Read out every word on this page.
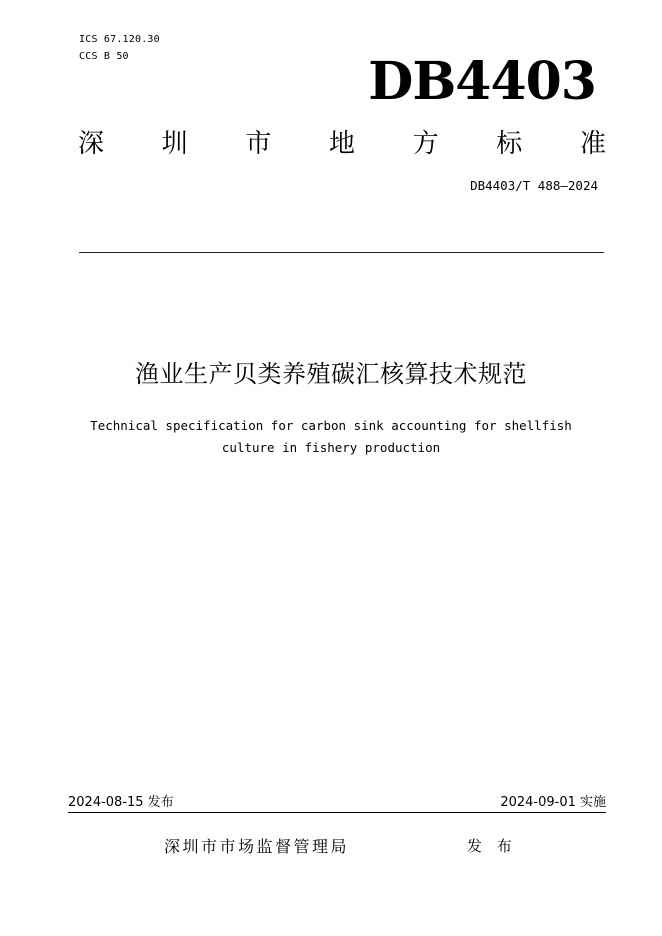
ICS 67.120.30
CCS B 50	DB4403
深 圳 市 地 方 标 准
DB4403/T 488—2024
渔业生产贝类养殖碳汇核算技术规范
Technical specification for carbon sink accounting for shellfish
culture in fishery production
2024-08-15 发布	2024-09-01 实施
深圳市市场监督管理局	发 布
